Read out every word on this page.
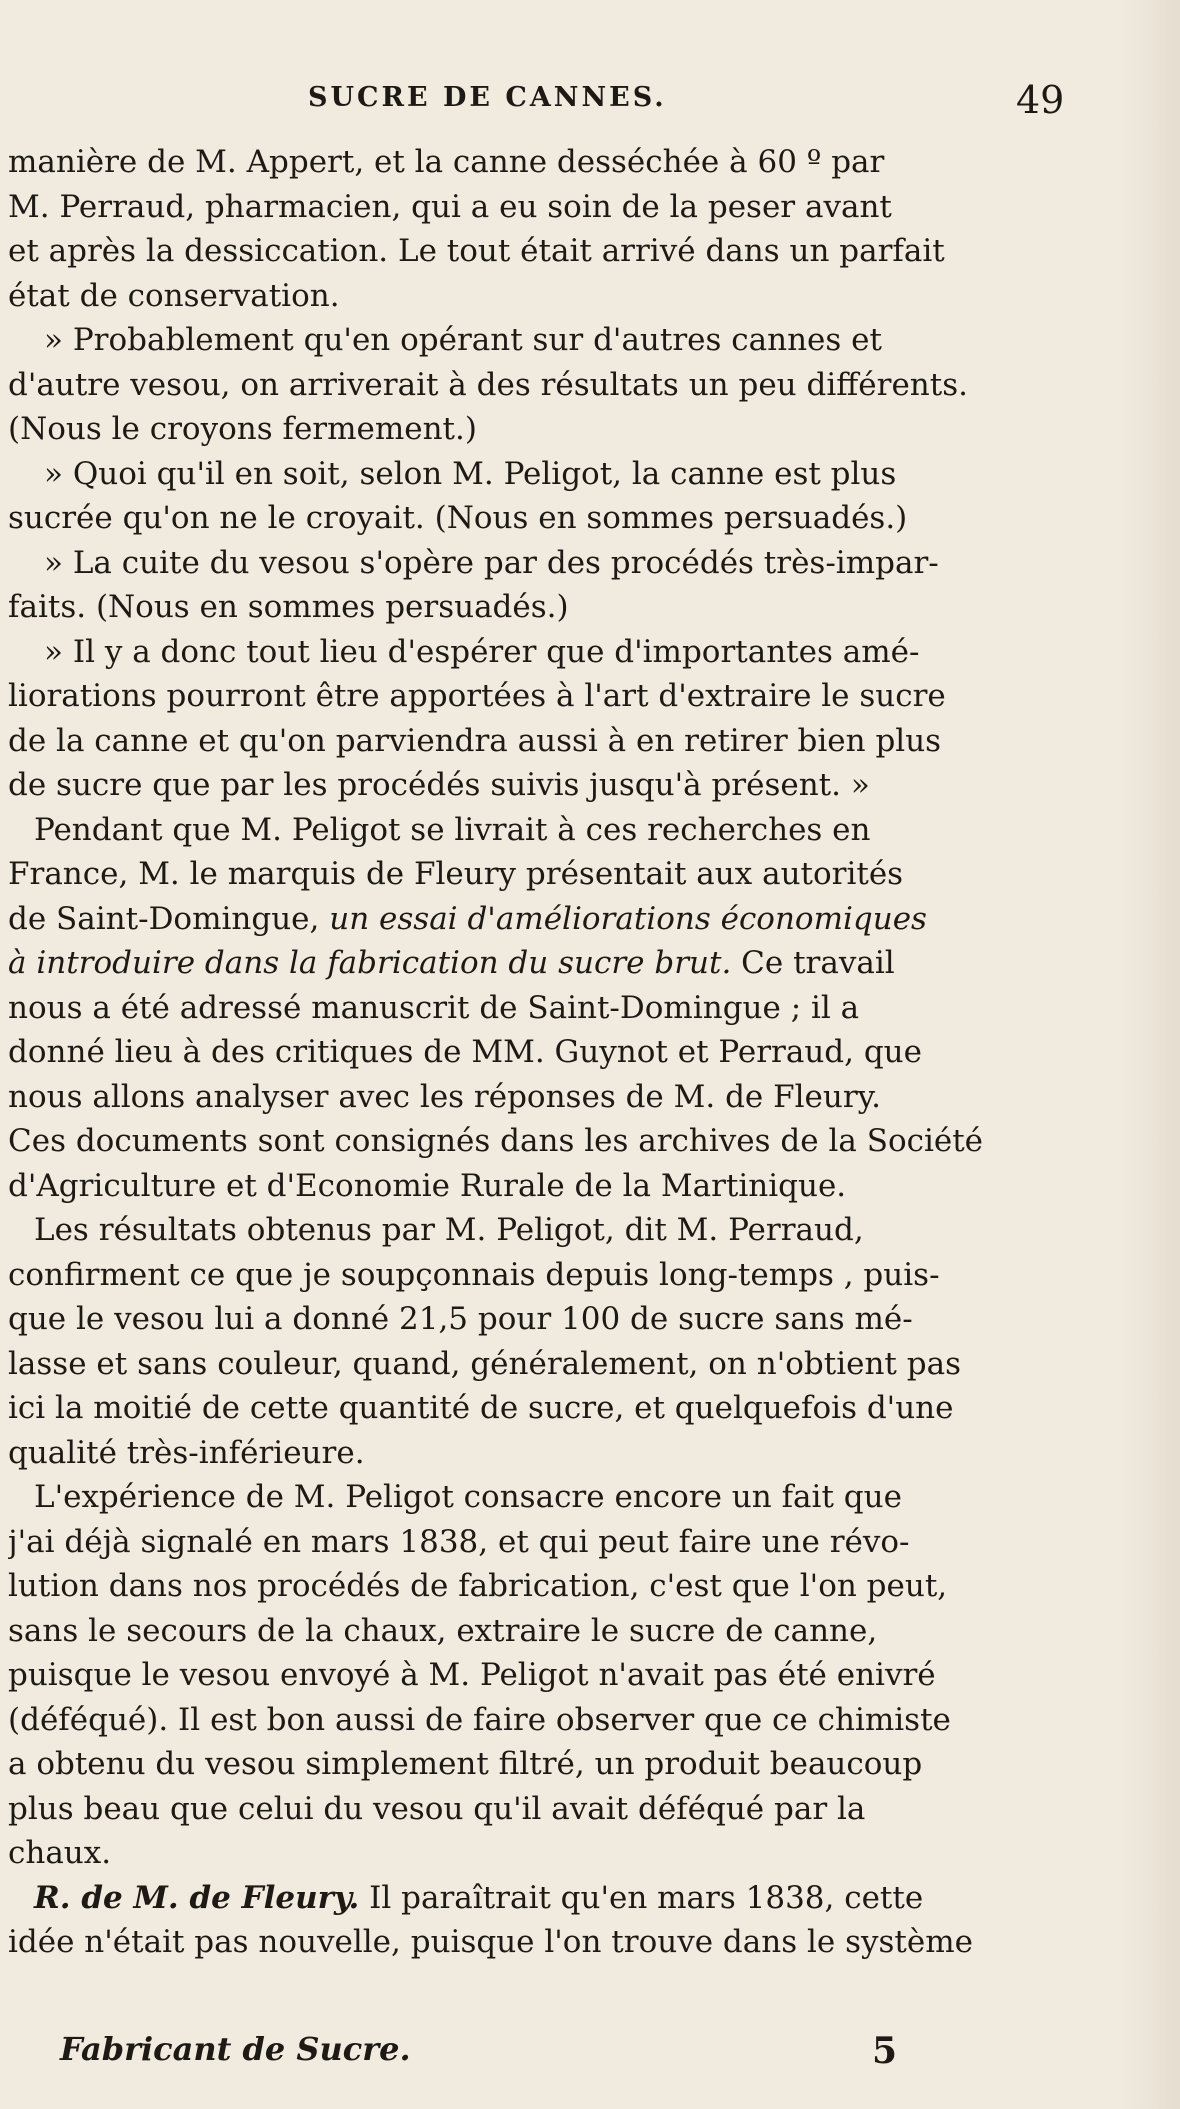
SUCRE DE CANNES.	49
manière de M. Appert, et la canne desséchée à 60 º par
M. Perraud, pharmacien, qui a eu soin de la peser avant
et après la dessiccation. Le tout était arrivé dans un parfait
état de conservation.
» Probablement qu'en opérant sur d'autres cannes et
d'autre vesou, on arriverait à des résultats un peu différents.
(Nous le croyons fermement.)
» Quoi qu'il en soit, selon M. Peligot, la canne est plus
sucrée qu'on ne le croyait. (Nous en sommes persuadés.)
» La cuite du vesou s'opère par des procédés très-impar-
faits. (Nous en sommes persuadés.)
» Il y a donc tout lieu d'espérer que d'importantes amé-
liorations pourront être apportées à l'art d'extraire le sucre
de la canne et qu'on parviendra aussi à en retirer bien plus
de sucre que par les procédés suivis jusqu'à présent. »
Pendant que M. Peligot se livrait à ces recherches en
France, M. le marquis de Fleury présentait aux autorités
de Saint-Domingue, un essai d'améliorations économiques
à introduire dans la fabrication du sucre brut. Ce travail
nous a été adressé manuscrit de Saint-Domingue ; il a
donné lieu à des critiques de MM. Guynot et Perraud, que
nous allons analyser avec les réponses de M. de Fleury.
Ces documents sont consignés dans les archives de la Société
d'Agriculture et d'Economie Rurale de la Martinique.
Les résultats obtenus par M. Peligot, dit M. Perraud,
confirment ce que je soupçonnais depuis long-temps , puis-
que le vesou lui a donné 21,5 pour 100 de sucre sans mé-
lasse et sans couleur, quand, généralement, on n'obtient pas
ici la moitié de cette quantité de sucre, et quelquefois d'une
qualité très-inférieure.
L'expérience de M. Peligot consacre encore un fait que
j'ai déjà signalé en mars 1838, et qui peut faire une révo-
lution dans nos procédés de fabrication, c'est que l'on peut,
sans le secours de la chaux, extraire le sucre de canne,
puisque le vesou envoyé à M. Peligot n'avait pas été enivré
(déféqué). Il est bon aussi de faire observer que ce chimiste
a obtenu du vesou simplement filtré, un produit beaucoup
plus beau que celui du vesou qu'il avait déféqué par la
chaux.
R. de M. de Fleury. Il paraîtrait qu'en mars 1838, cette
idée n'était pas nouvelle, puisque l'on trouve dans le système
Fabricant de Sucre.	5
